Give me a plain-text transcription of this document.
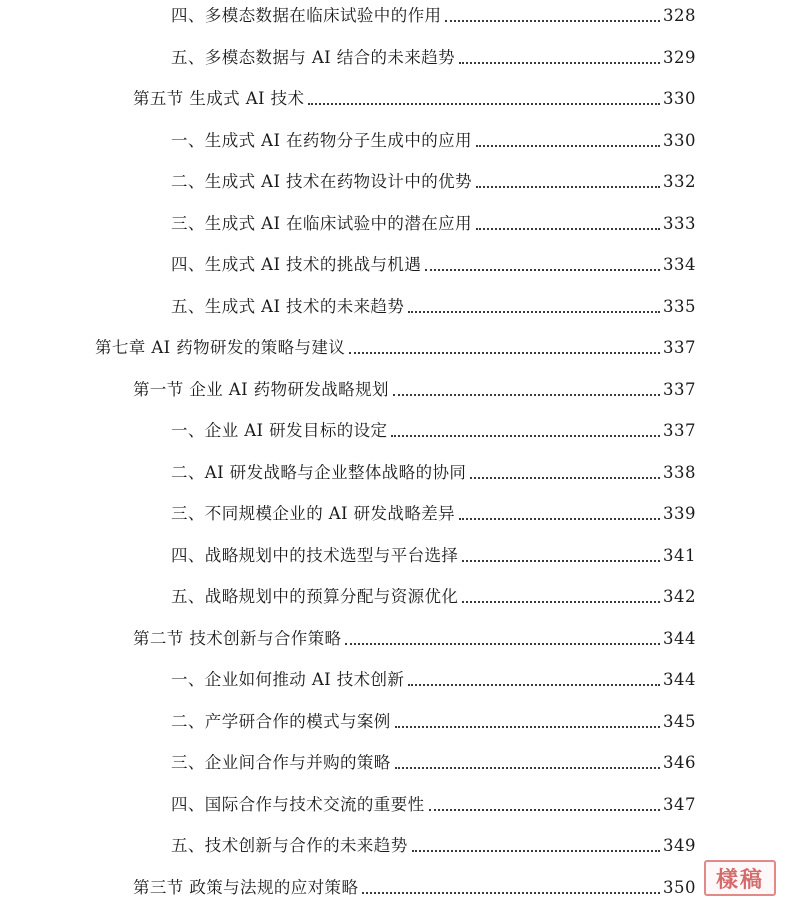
四、多模态数据在临床试验中的作用	328
五、多模态数据与 AI 结合的未来趋势	329
第五节 生成式 AI 技术	330
一、生成式 AI 在药物分子生成中的应用	330
二、生成式 AI 技术在药物设计中的优势	332
三、生成式 AI 在临床试验中的潜在应用	333
四、生成式 AI 技术的挑战与机遇	334
五、生成式 AI 技术的未来趋势	335
第七章 AI 药物研发的策略与建议	337
第一节 企业 AI 药物研发战略规划	337
一、企业 AI 研发目标的设定	337
二、AI 研发战略与企业整体战略的协同	338
三、不同规模企业的 AI 研发战略差异	339
四、战略规划中的技术选型与平台选择	341
五、战略规划中的预算分配与资源优化	342
第二节 技术创新与合作策略	344
一、企业如何推动 AI 技术创新	344
二、产学研合作的模式与案例	345
三、企业间合作与并购的策略	346
四、国际合作与技术交流的重要性	347
五、技术创新与合作的未来趋势	349
第三节 政策与法规的应对策略	350 樣稿
